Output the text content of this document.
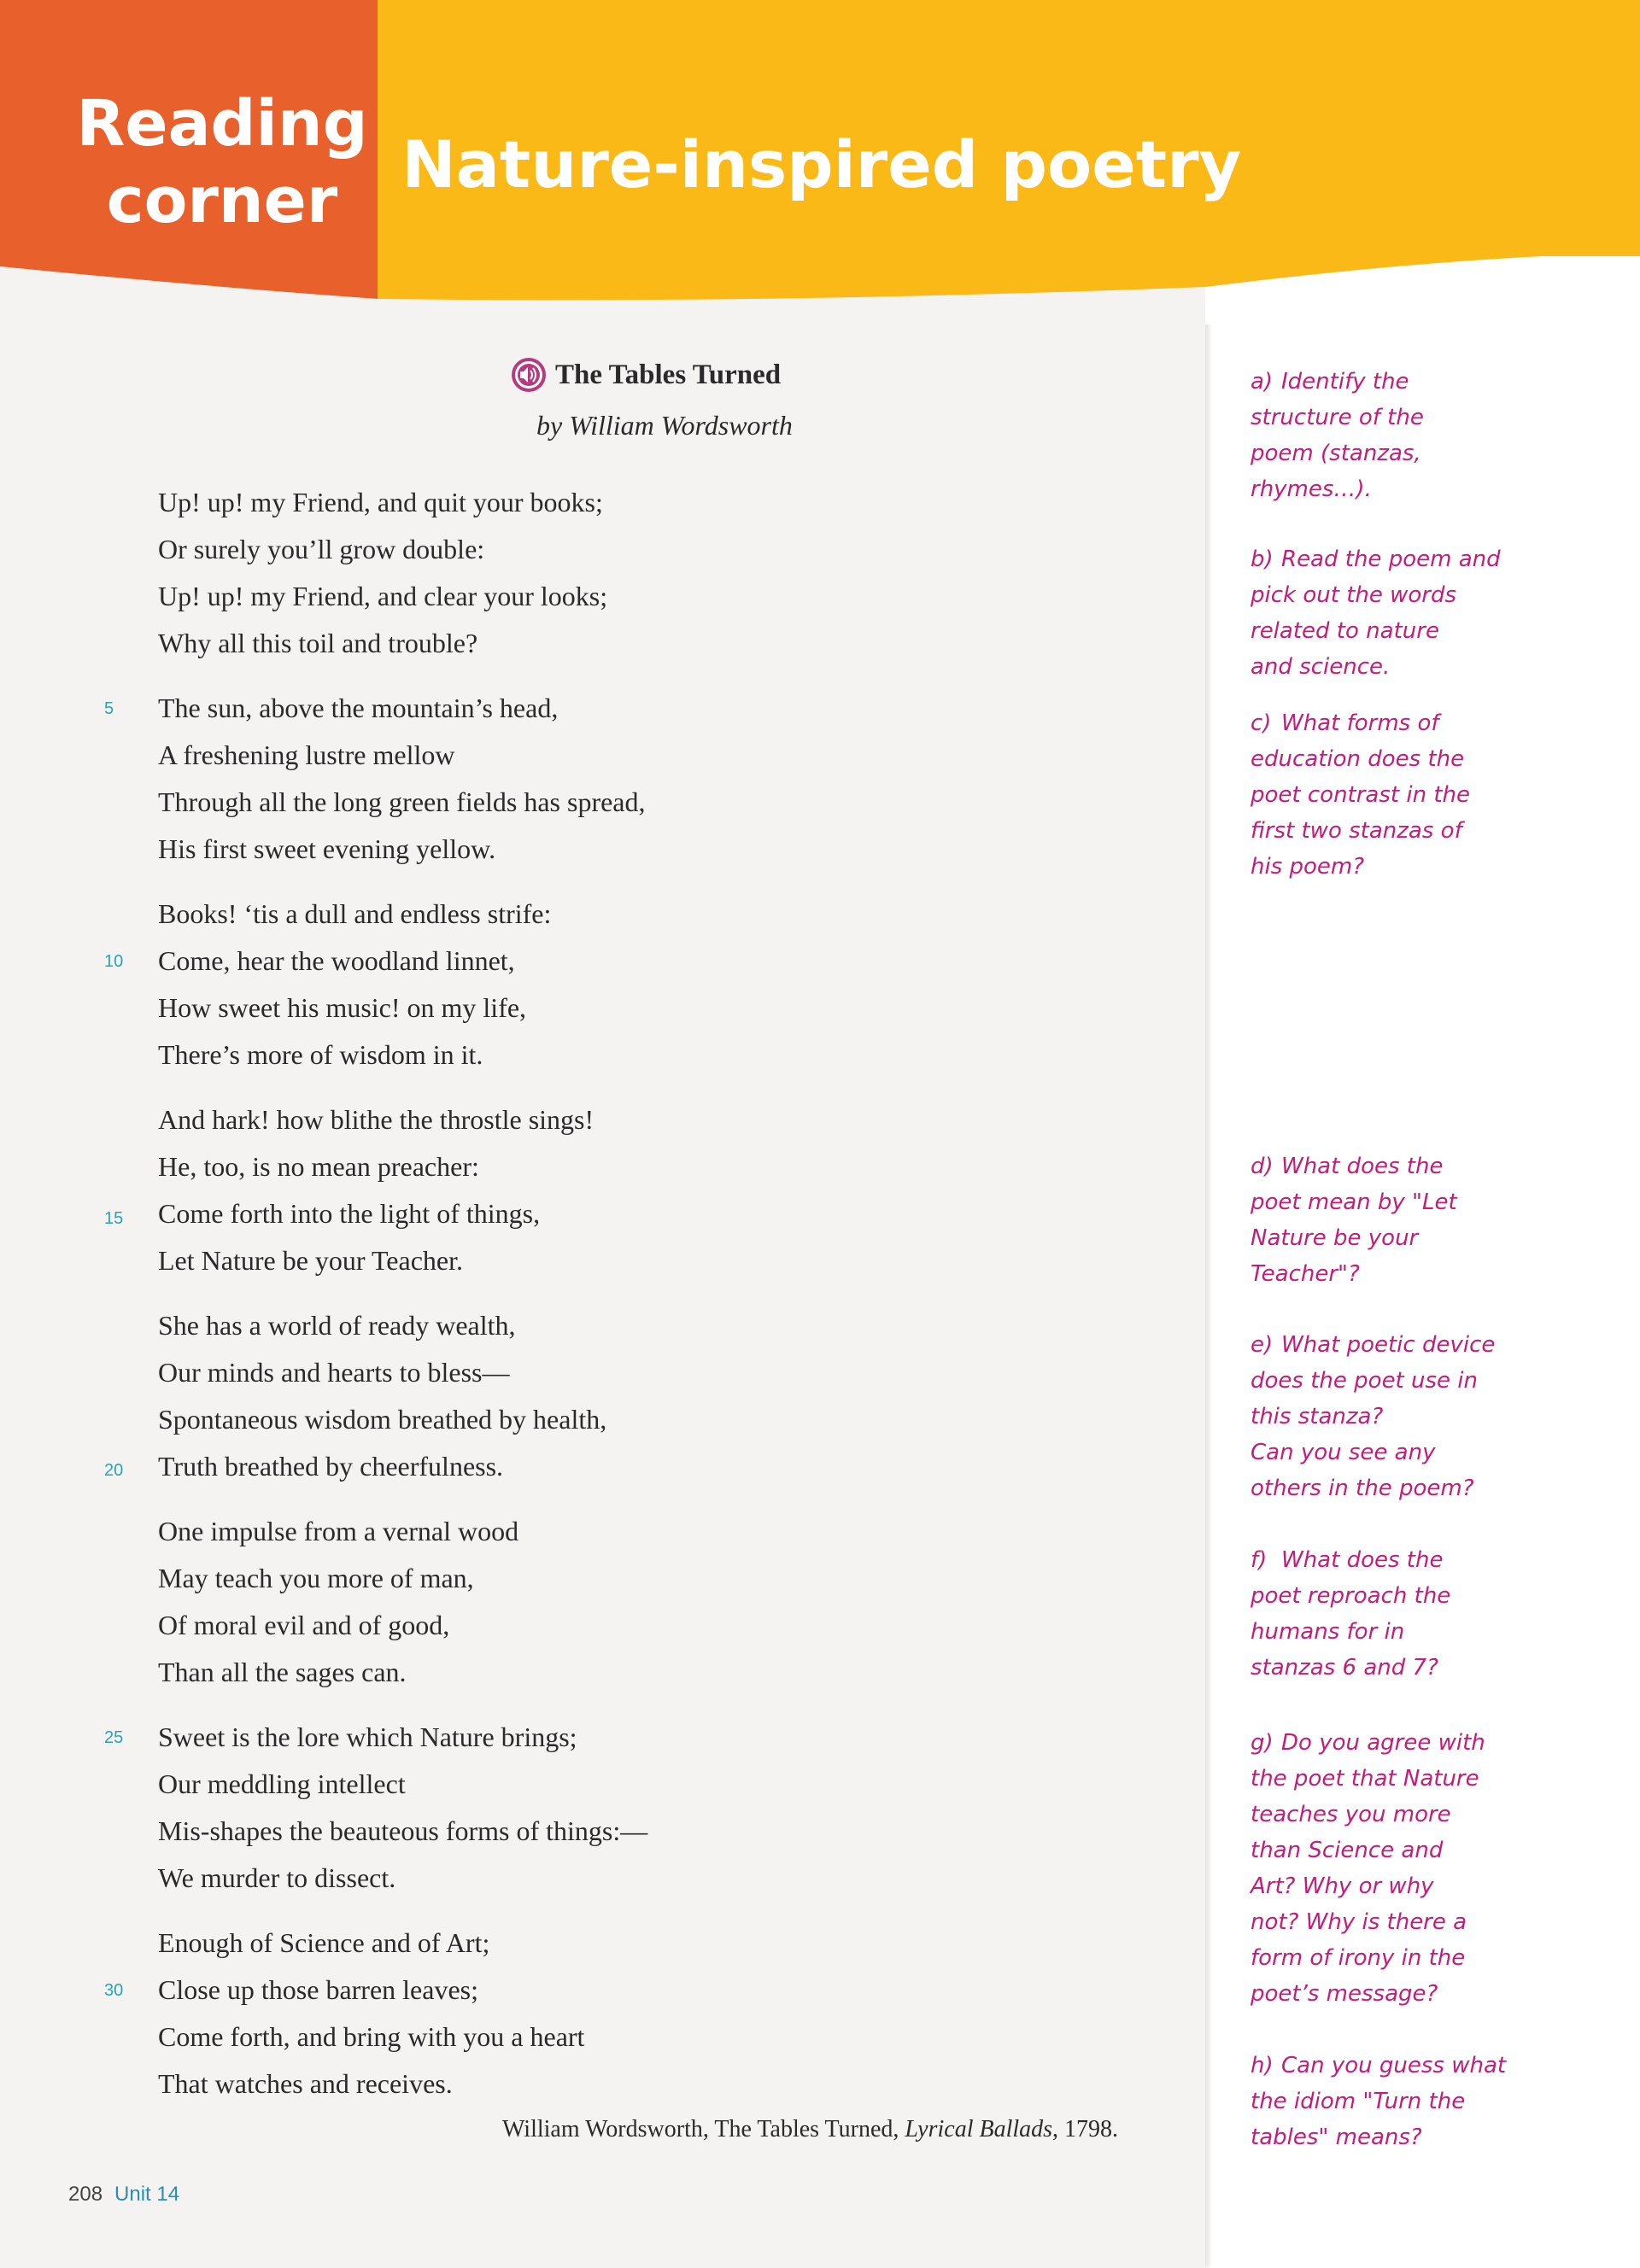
Reading
corner Nature-inspired poetry
The Tables Turned
by William Wordsworth
Up! up! my Friend, and quit your books;
Or surely you’ll grow double:
Up! up! my Friend, and clear your looks;
Why all this toil and trouble?
5 The sun, above the mountain’s head,
A freshening lustre mellow
Through all the long green fields has spread,
His first sweet evening yellow.
Books! ‘tis a dull and endless strife:
10 Come, hear the woodland linnet,
How sweet his music! on my life,
There’s more of wisdom in it.
And hark! how blithe the throstle sings!
He, too, is no mean preacher:
15 Come forth into the light of things,
Let Nature be your Teacher.
She has a world of ready wealth,
Our minds and hearts to bless—
Spontaneous wisdom breathed by health,
20 Truth breathed by cheerfulness.
One impulse from a vernal wood
May teach you more of man,
Of moral evil and of good,
Than all the sages can.
25 Sweet is the lore which Nature brings;
Our meddling intellect
Mis-shapes the beauteous forms of things:—
We murder to dissect.
Enough of Science and of Art;
30 Close up those barren leaves;
Come forth, and bring with you a heart
That watches and receives.
William Wordsworth, The Tables Turned, Lyrical Ballads, 1798.
a) Identify the
structure of the
poem (stanzas,
rhymes…).
b) Read the poem and
pick out the words
related to nature
and science.
c) What forms of
education does the
poet contrast in the
first two stanzas of
his poem?
d) What does the
poet mean by "Let
Nature be your
Teacher"?
e) What poetic device
does the poet use in
this stanza?
Can you see any
others in the poem?
f) What does the
poet reproach the
humans for in
stanzas 6 and 7?
g) Do you agree with
the poet that Nature
teaches you more
than Science and
Art? Why or why
not? Why is there a
form of irony in the
poet’s message?
h) Can you guess what
the idiom "Turn the
tables" means?
208 Unit 14
